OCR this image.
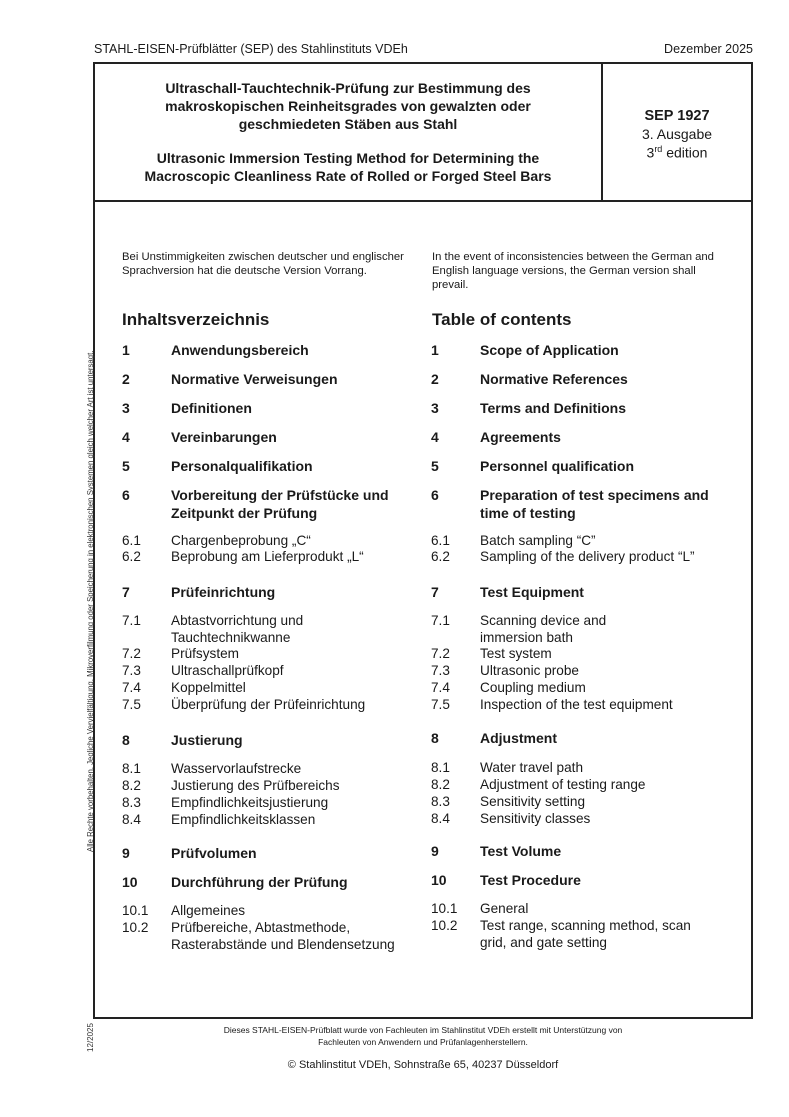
STAHL-EISEN-Prüfblätter (SEP) des Stahlinstituts VDEh	Dezember 2025
Ultraschall-Tauchtechnik-Prüfung zur Bestimmung des
makroskopischen Reinheitsgrades von gewalzten oder
geschmiedeten Stäben aus Stahl
Ultrasonic Immersion Testing Method for Determining the
Macroscopic Cleanliness Rate of Rolled or Forged Steel Bars
SEP 1927
3. Ausgabe
3rd edition
Alle Rechte vorbehalten. Jegliche Vervielfältigung, Mikroverfilmung oder Speicherung in elektronischen Systemen gleich welcher Art ist untersagt.
12/2025
Bei Unstimmigkeiten zwischen deutscher und englischer Sprachversion hat die deutsche Version Vorrang.
In the event of inconsistencies between the German and English language versions, the German version shall prevail.
Inhaltsverzeichnis	Table of contents
1	Anwendungsbereich
2	Normative Verweisungen
3	Definitionen
4	Vereinbarungen
5	Personalqualifikation
6	Vorbereitung der Prüfstücke und Zeitpunkt der Prüfung
6.1 Chargenbeprobung „C“
6.2 Beprobung am Lieferprodukt „L“
7	Prüfeinrichtung
7.1 Abtastvorrichtung und Tauchtechnikwanne
7.2 Prüfsystem
7.3 Ultraschallprüfkopf
7.4 Koppelmittel
7.5 Überprüfung der Prüfeinrichtung
8	Justierung
8.1 Wasservorlaufstrecke
8.2 Justierung des Prüfbereichs
8.3 Empfindlichkeitsjustierung
8.4 Empfindlichkeitsklassen
9	Prüfvolumen
10 Durchführung der Prüfung
10.1 Allgemeines
10.2 Prüfbereiche, Abtastmethode, Rasterabstände und Blendensetzung
1	Scope of Application
2	Normative References
3	Terms and Definitions
4	Agreements
5	Personnel qualification
6	Preparation of test specimens and time of testing
6.1 Batch sampling “C”
6.2 Sampling of the delivery product “L”
7	Test Equipment
7.1 Scanning device and immersion bath
7.2 Test system
7.3 Ultrasonic probe
7.4 Coupling medium
7.5 Inspection of the test equipment
8	Adjustment
8.1 Water travel path
8.2 Adjustment of testing range
8.3 Sensitivity setting
8.4 Sensitivity classes
9	Test Volume
10 Test Procedure
10.1 General
10.2 Test range, scanning method, scan grid, and gate setting
Dieses STAHL-EISEN-Prüfblatt wurde von Fachleuten im Stahlinstitut VDEh erstellt mit Unterstützung von
Fachleuten von Anwendern und Prüfanlagenherstellern.
© Stahlinstitut VDEh, Sohnstraße 65, 40237 Düsseldorf
